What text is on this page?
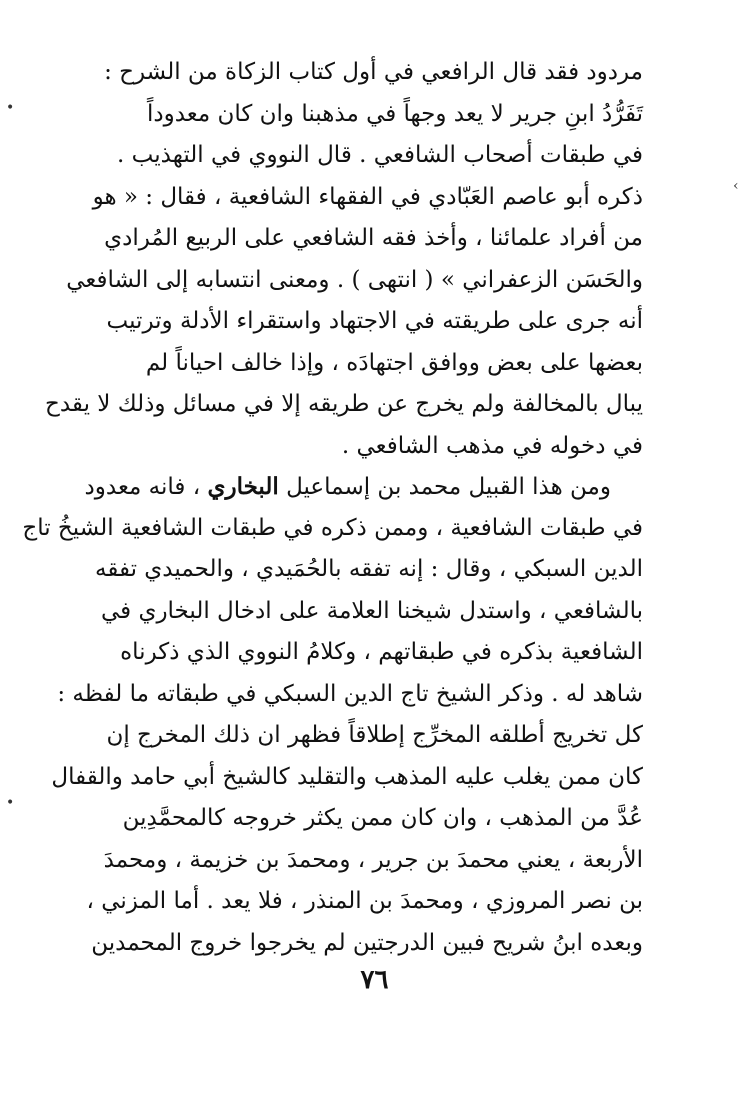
•
‹
•
مردود فقد قال الرافعي في أول كتاب الزكاة من الشرح :
تَفَرُّدُ ابنِ جرير لا يعد وجهاً في مذهبنا وان كان معدوداً
في طبقات أصحاب الشافعي . قال النووي في التهذيب .
ذكره أبو عاصم العَبّادي في الفقهاء الشافعية ، فقال : « هو
من أفراد علمائنا ، وأخذ فقه الشافعي على الربيع المُرادي
والحَسَن الزعفراني » ( انتهى ) . ومعنى انتسابه إلى الشافعي
أنه جرى على طريقته في الاجتهاد واستقراء الأدلة وترتيب
بعضها على بعض ووافق اجتهادَه ، وإذا خالف احياناً لم
يبال بالمخالفة ولم يخرج عن طريقه إلا في مسائل وذلك لا يقدح
في دخوله في مذهب الشافعي .
ومن هذا القبيل محمد بن إسماعيل البخاري ، فانه معدود
في طبقات الشافعية ، وممن ذكره في طبقات الشافعية الشيخُ تاج
الدين السبكي ، وقال : إنه تفقه بالحُمَيدي ، والحميدي تفقه
بالشافعي ، واستدل شيخنا العلامة على ادخال البخاري في
الشافعية بذكره في طبقاتهم ، وكلامُ النووي الذي ذكرناه
شاهد له . وذكر الشيخ تاج الدين السبكي في طبقاته ما لفظه :
كل تخريج أطلقه المخرِّج إطلاقاً فظهر ان ذلك المخرج إن
كان ممن يغلب عليه المذهب والتقليد كالشيخ أبي حامد والقفال
عُدَّ من المذهب ، وان كان ممن يكثر خروجه كالمحمَّدِين
الأربعة ، يعني محمدَ بن جرير ، ومحمدَ بن خزيمة ، ومحمدَ
بن نصر المروزي ، ومحمدَ بن المنذر ، فلا يعد . أما المزني ،
وبعده ابنُ شريح فبين الدرجتين لم يخرجوا خروج المحمدين
٧٦
